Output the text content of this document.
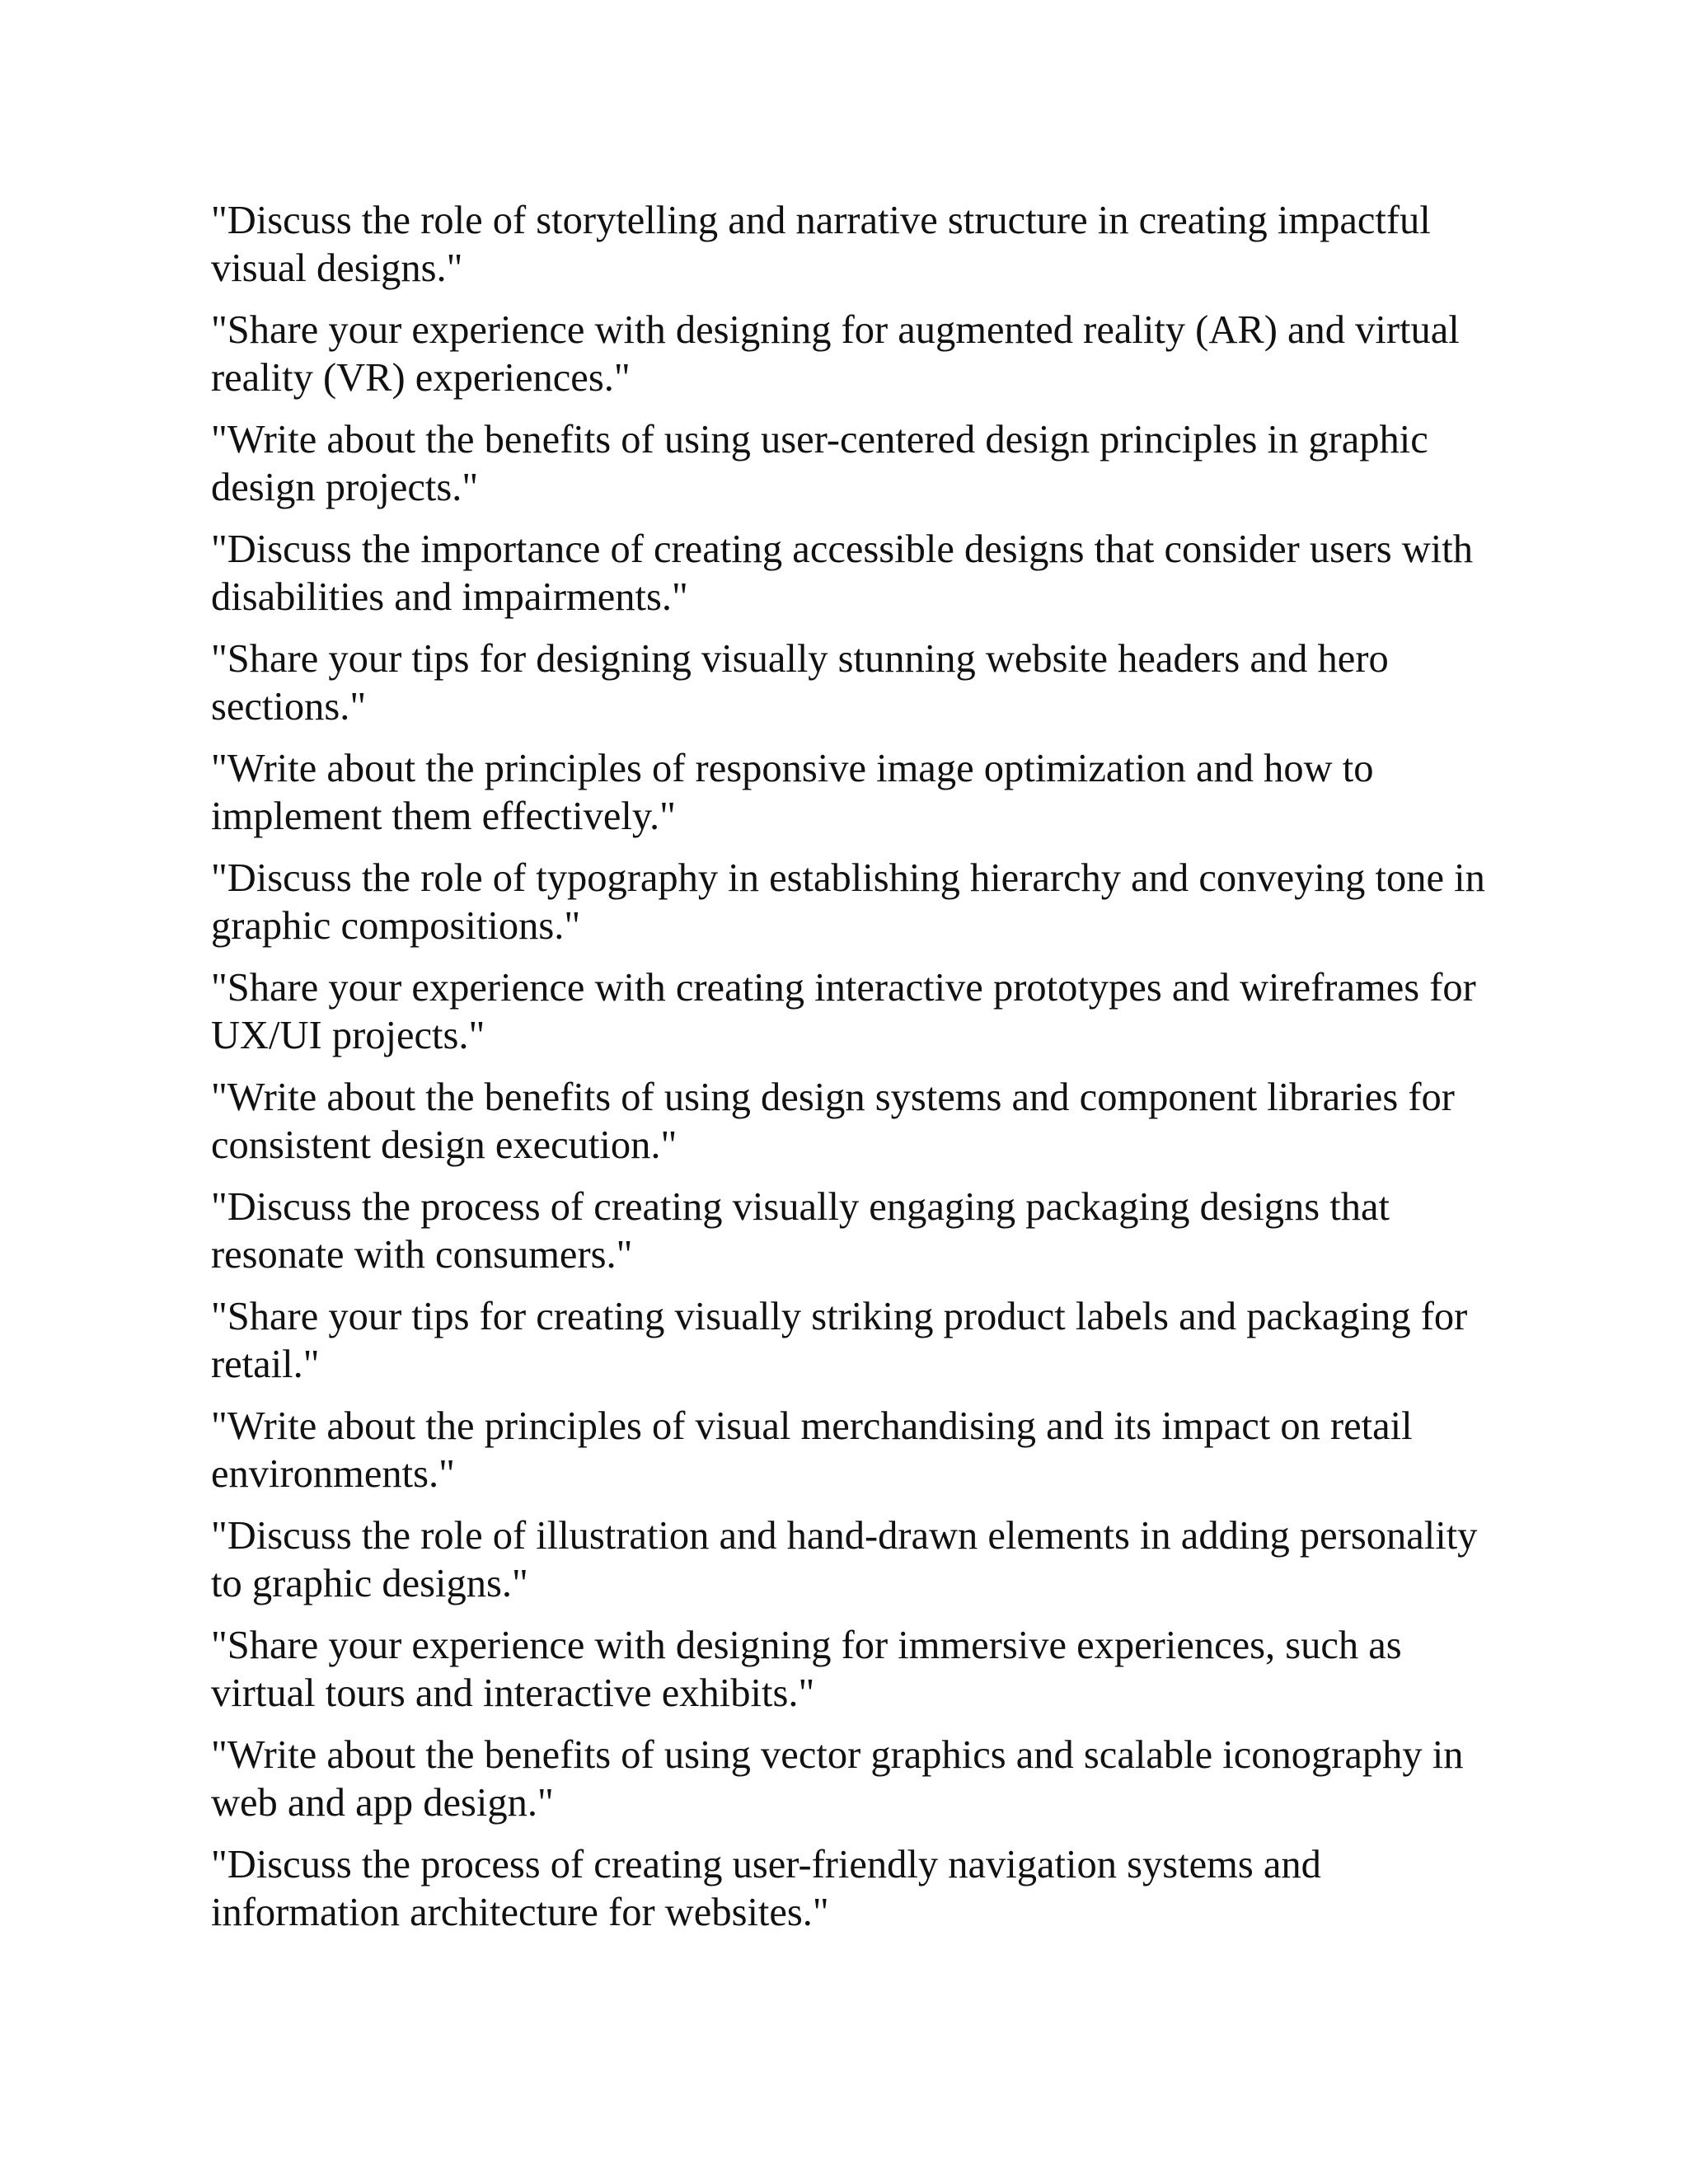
"Discuss the role of storytelling and narrative structure in creating impactful visual designs."
"Share your experience with designing for augmented reality (AR) and virtual reality (VR) experiences."
"Write about the benefits of using user-centered design principles in graphic design projects."
"Discuss the importance of creating accessible designs that consider users with disabilities and impairments."
"Share your tips for designing visually stunning website headers and hero sections."
"Write about the principles of responsive image optimization and how to implement them effectively."
"Discuss the role of typography in establishing hierarchy and conveying tone in graphic compositions."
"Share your experience with creating interactive prototypes and wireframes for UX/UI projects."
"Write about the benefits of using design systems and component libraries for consistent design execution."
"Discuss the process of creating visually engaging packaging designs that resonate with consumers."
"Share your tips for creating visually striking product labels and packaging for retail."
"Write about the principles of visual merchandising and its impact on retail environments."
"Discuss the role of illustration and hand-drawn elements in adding personality to graphic designs."
"Share your experience with designing for immersive experiences, such as virtual tours and interactive exhibits."
"Write about the benefits of using vector graphics and scalable iconography in web and app design."
"Discuss the process of creating user-friendly navigation systems and information architecture for websites."
